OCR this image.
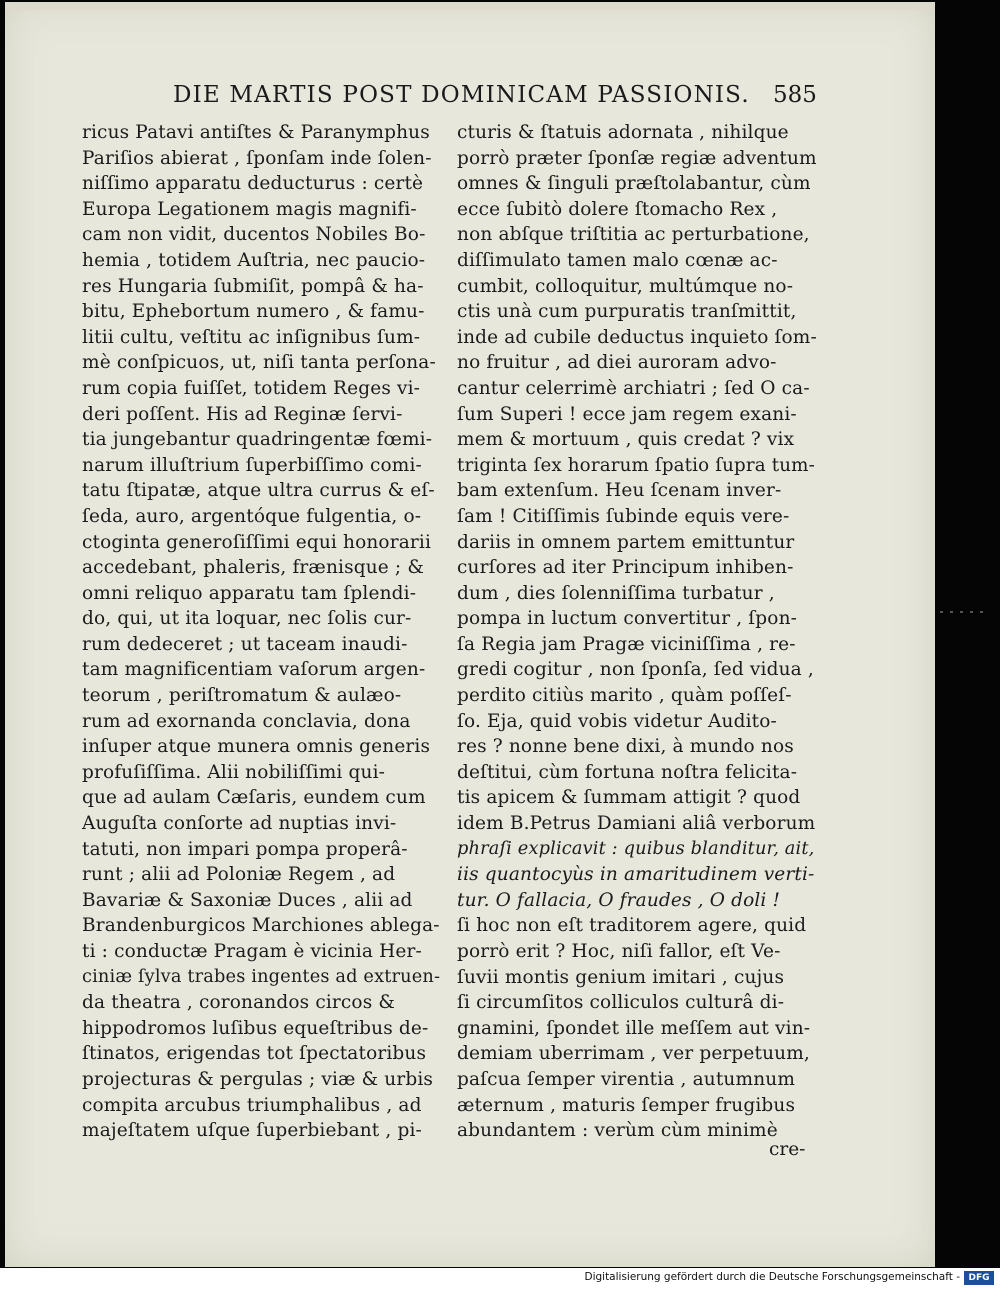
DIE MARTIS POST DOMINICAM PASSIONIS. 585
ricus Patavi antiſtes & Paranymphus
Pariſios abierat , ſponſam inde ſolen-
niſſimo apparatu deducturus : certè
Europa Legationem magis magnifi-
cam non vidit, ducentos Nobiles Bo-
hemia , totidem Auſtria, nec paucio-
res Hungaria ſubmiſit, pompâ & ha-
bitu, Ephebortum numero , & famu-
litii cultu, veſtitu ac inſignibus ſum-
mè conſpicuos, ut, niſi tanta perſona-
rum copia fuiſſet, totidem Reges vi-
deri poſſent. His ad Reginæ ſervi-
tia jungebantur quadringentæ fœmi-
narum illuſtrium ſuperbiſſimo comi-
tatu ſtipatæ, atque ultra currus & eſ-
ſeda, auro, argentóque fulgentia, o-
ctoginta generoſiſſimi equi honorarii
accedebant, phaleris, frænisque ; &
omni reliquo apparatu tam ſplendi-
do, qui, ut ita loquar, nec ſolis cur-
rum dedeceret ; ut taceam inaudi-
tam magnificentiam vaſorum argen-
teorum , periſtromatum & aulæo-
rum ad exornanda conclavia, dona
inſuper atque munera omnis generis
profuſiſſima. Alii nobiliſſimi qui-
que ad aulam Cæſaris, eundem cum
Auguſta conſorte ad nuptias invi-
tatuti, non impari pompa properâ-
runt ; alii ad Poloniæ Regem , ad
Bavariæ & Saxoniæ Duces , alii ad
Brandenburgicos Marchiones ablega-
ti : conductæ Pragam è vicinia Her-
ciniæ ſylva trabes ingentes ad extruen-
da theatra , coronandos circos &
hippodromos luſibus equeſtribus de-
ſtinatos, erigendas tot ſpectatoribus
projecturas & pergulas ; viæ & urbis
compita arcubus triumphalibus , ad
majeſtatem uſque ſuperbiebant , pi-
cturis & ſtatuis adornata , nihilque
porrò præter ſponſæ regiæ adventum
omnes & ſinguli præſtolabantur, cùm
ecce ſubitò dolere ſtomacho Rex ,
non abſque triſtitia ac perturbatione,
diſſimulato tamen malo cœnæ ac-
cumbit, colloquitur, multúmque no-
ctis unà cum purpuratis tranſmittit,
inde ad cubile deductus inquieto ſom-
no fruitur , ad diei auroram advo-
cantur celerrimè archiatri ; ſed O ca-
ſum Superi ! ecce jam regem exani-
mem & mortuum , quis credat ? vix
triginta ſex horarum ſpatio ſupra tum-
bam extenſum. Heu ſcenam inver-
ſam ! Citiſſimis ſubinde equis vere-
dariis in omnem partem emittuntur
curſores ad iter Principum inhiben-
dum , dies ſolenniſſima turbatur ,
pompa in luctum convertitur , ſpon-
ſa Regia jam Pragæ viciniſſima , re-
gredi cogitur , non ſponſa, ſed vidua ,
perdito citiùs marito , quàm poſſeſ-
ſo. Eja, quid vobis videtur Audito-
res ? nonne bene dixi, à mundo nos
deſtitui, cùm fortuna noſtra felicita-
tis apicem & ſummam attigit ? quod
idem B.Petrus Damiani aliâ verborum
phraſi explicavit : quibus blanditur, ait,
iis quantocyùs in amaritudinem verti-
tur. O fallacia, O fraudes , O doli !
ſi hoc non eſt traditorem agere, quid
porrò erit ? Hoc, niſi fallor, eſt Ve-
ſuvii montis genium imitari , cujus
ſi circumſitos colliculos culturâ di-
gnamini, ſpondet ille meſſem aut vin-
demiam uberrimam , ver perpetuum,
paſcua ſemper virentia , autumnum
æternum , maturis ſemper frugibus
abundantem : verùm cùm minimè
cre-
Digitalisierung gefördert durch die Deutsche Forschungsgemeinschaft - DFG
